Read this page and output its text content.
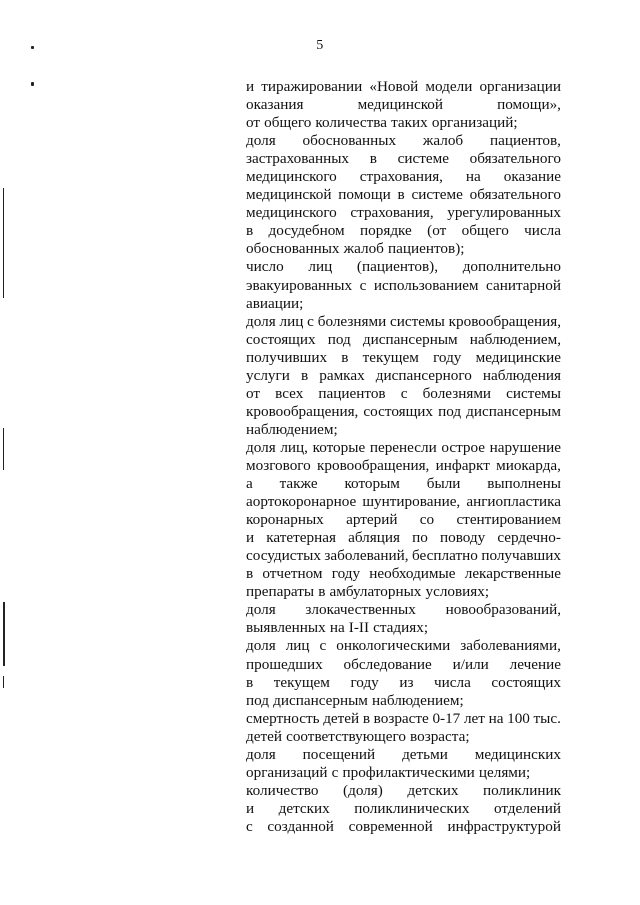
5
и тиражировании «Новой модели организации
оказания	медицинской	помощи»,
от общего количества таких организаций;
доля обоснованных жалоб пациентов,
застрахованных в системе обязательного
медицинского страхования, на оказание
медицинской помощи в системе обязательного
медицинского страхования, урегулированных
в досудебном порядке (от общего числа
обоснованных жалоб пациентов);
число лиц (пациентов), дополнительно
эвакуированных с использованием санитарной
авиации;
доля лиц с болезнями системы кровообращения,
состоящих под диспансерным наблюдением,
получивших в текущем году медицинские
услуги в рамках диспансерного наблюдения
от всех пациентов с болезнями системы
кровообращения, состоящих под диспансерным
наблюдением;
доля лиц, которые перенесли острое нарушение
мозгового кровообращения, инфаркт миокарда,
а также которым были выполнены
аортокоронарное шунтирование, ангиопластика
коронарных артерий со стентированием
и катетерная абляция по поводу сердечно-
сосудистых заболеваний, бесплатно получавших
в отчетном году необходимые лекарственные
препараты в амбулаторных условиях;
доля злокачественных новообразований,
выявленных на I-II стадиях;
доля лиц с онкологическими заболеваниями,
прошедших обследование и/или лечение
в текущем году из числа состоящих
под диспансерным наблюдением;
смертность детей в возрасте 0-17 лет на 100 тыс.
детей соответствующего возраста;
доля посещений детьми медицинских
организаций с профилактическими целями;
количество (доля) детских поликлиник
и детских поликлинических отделений
с созданной современной инфраструктурой
